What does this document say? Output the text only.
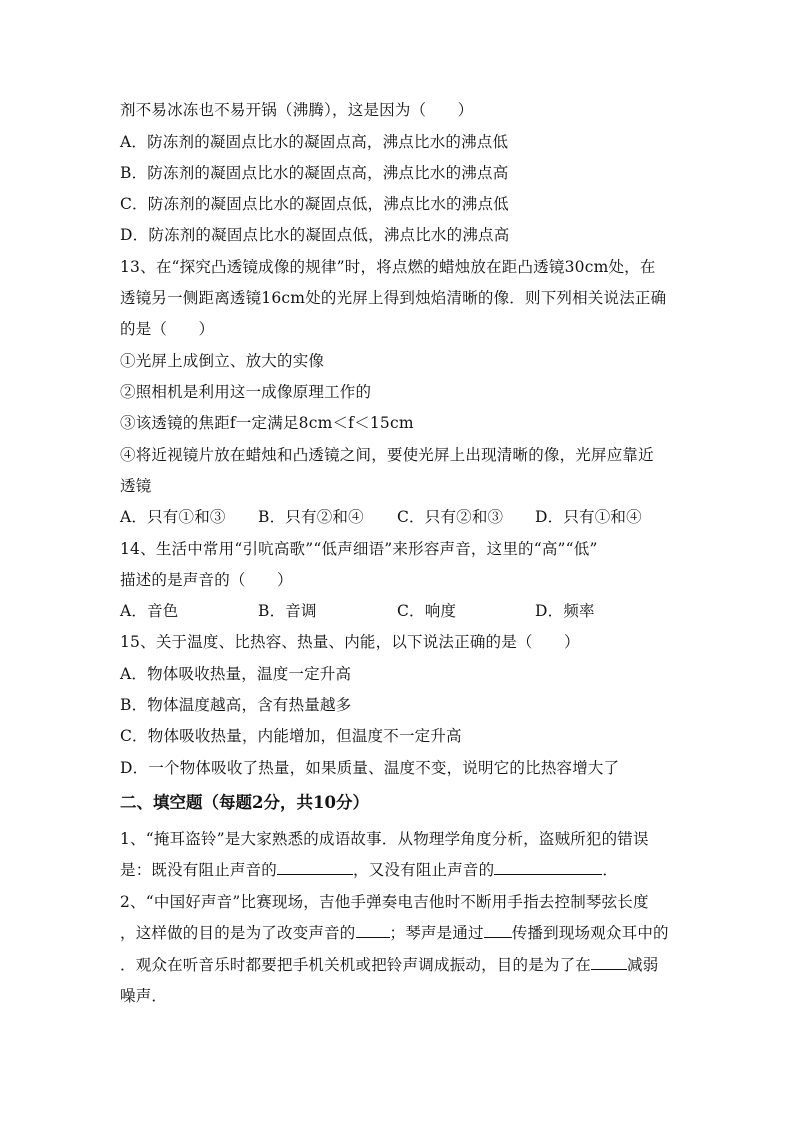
剂不易冰冻也不易开锅（沸腾），这是因为（　　）
A．防冻剂的凝固点比水的凝固点高，沸点比水的沸点低
B．防冻剂的凝固点比水的凝固点高，沸点比水的沸点高
C．防冻剂的凝固点比水的凝固点低，沸点比水的沸点低
D．防冻剂的凝固点比水的凝固点低，沸点比水的沸点高
13、在“探究凸透镜成像的规律”时，将点燃的蜡烛放在距凸透镜30cm处，在
透镜另一侧距离透镜16cm处的光屏上得到烛焰清晰的像．则下列相关说法正确
的是（　　）
①光屏上成倒立、放大的实像
②照相机是利用这一成像原理工作的
③该透镜的焦距f一定满足8cm＜f＜15cm
④将近视镜片放在蜡烛和凸透镜之间，要使光屏上出现清晰的像，光屏应靠近
透镜
A．只有①和③	B．只有②和④	C．只有②和③	D．只有①和④
14、生活中常用“引吭高歌”“低声细语”来形容声音，这里的“高”“低”
描述的是声音的（　　）
A．音色	B．音调	C．响度	D．频率
15、关于温度、比热容、热量、内能，以下说法正确的是（　　）
A．物体吸收热量，温度一定升高
B．物体温度越高，含有热量越多
C．物体吸收热量，内能增加，但温度不一定升高
D．一个物体吸收了热量，如果质量、温度不变，说明它的比热容增大了
二、填空题（每题2分，共10分）
1、“掩耳盗铃”是大家熟悉的成语故事．从物理学角度分析，盗贼所犯的错误
是：既没有阻止声音的	，又没有阻止声音的	．
2、“中国好声音”比赛现场，吉他手弹奏电吉他时不断用手指去控制琴弦长度
，这样做的目的是为了改变声音的 ；琴声是通过 传播到现场观众耳中的
．观众在听音乐时都要把手机关机或把铃声调成振动，目的是为了在 减弱
噪声．
